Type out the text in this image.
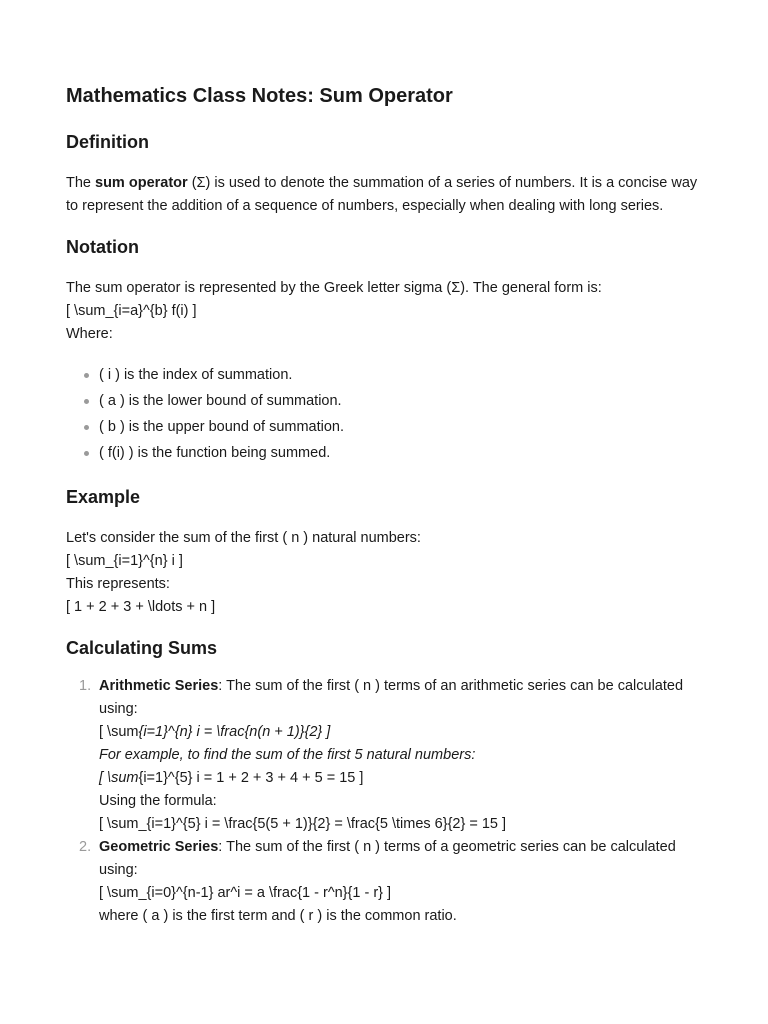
Mathematics Class Notes: Sum Operator
Definition

The sum operator (Σ) is used to denote the summation of a series of numbers. It is a concise way to represent the addition of a sequence of numbers, especially when dealing with long series.

Notation
The sum operator is represented by the Greek letter sigma (Σ). The general form is:
[ \sum_{i=a}^{b} f(i) ]
Where:
( i ) is the index of summation.
( a ) is the lower bound of summation.
( b ) is the upper bound of summation.
( f(i) ) is the function being summed.
Example
Let's consider the sum of the first ( n ) natural numbers:
[ \sum_{i=1}^{n} i ]
This represents:
[ 1 + 2 + 3 + \ldots + n ]
Calculating Sums
1. Arithmetic Series: The sum of the first ( n ) terms of an arithmetic series can be calculated using:
[ \sum{i=1}^{n} i = \frac{n(n + 1)}{2} ]
For example, to find the sum of the first 5 natural numbers:
[ \sum{i=1}^{5} i = 1 + 2 + 3 + 4 + 5 = 15 ]
Using the formula:
[ \sum_{i=1}^{5} i = \frac{5(5 + 1)}{2} = \frac{5 \times 6}{2} = 15 ]
2. Geometric Series: The sum of the first ( n ) terms of a geometric series can be calculated using:
[ \sum_{i=0}^{n-1} ar^i = a \frac{1 - r^n}{1 - r} ]
where ( a ) is the first term and ( r ) is the common ratio.
